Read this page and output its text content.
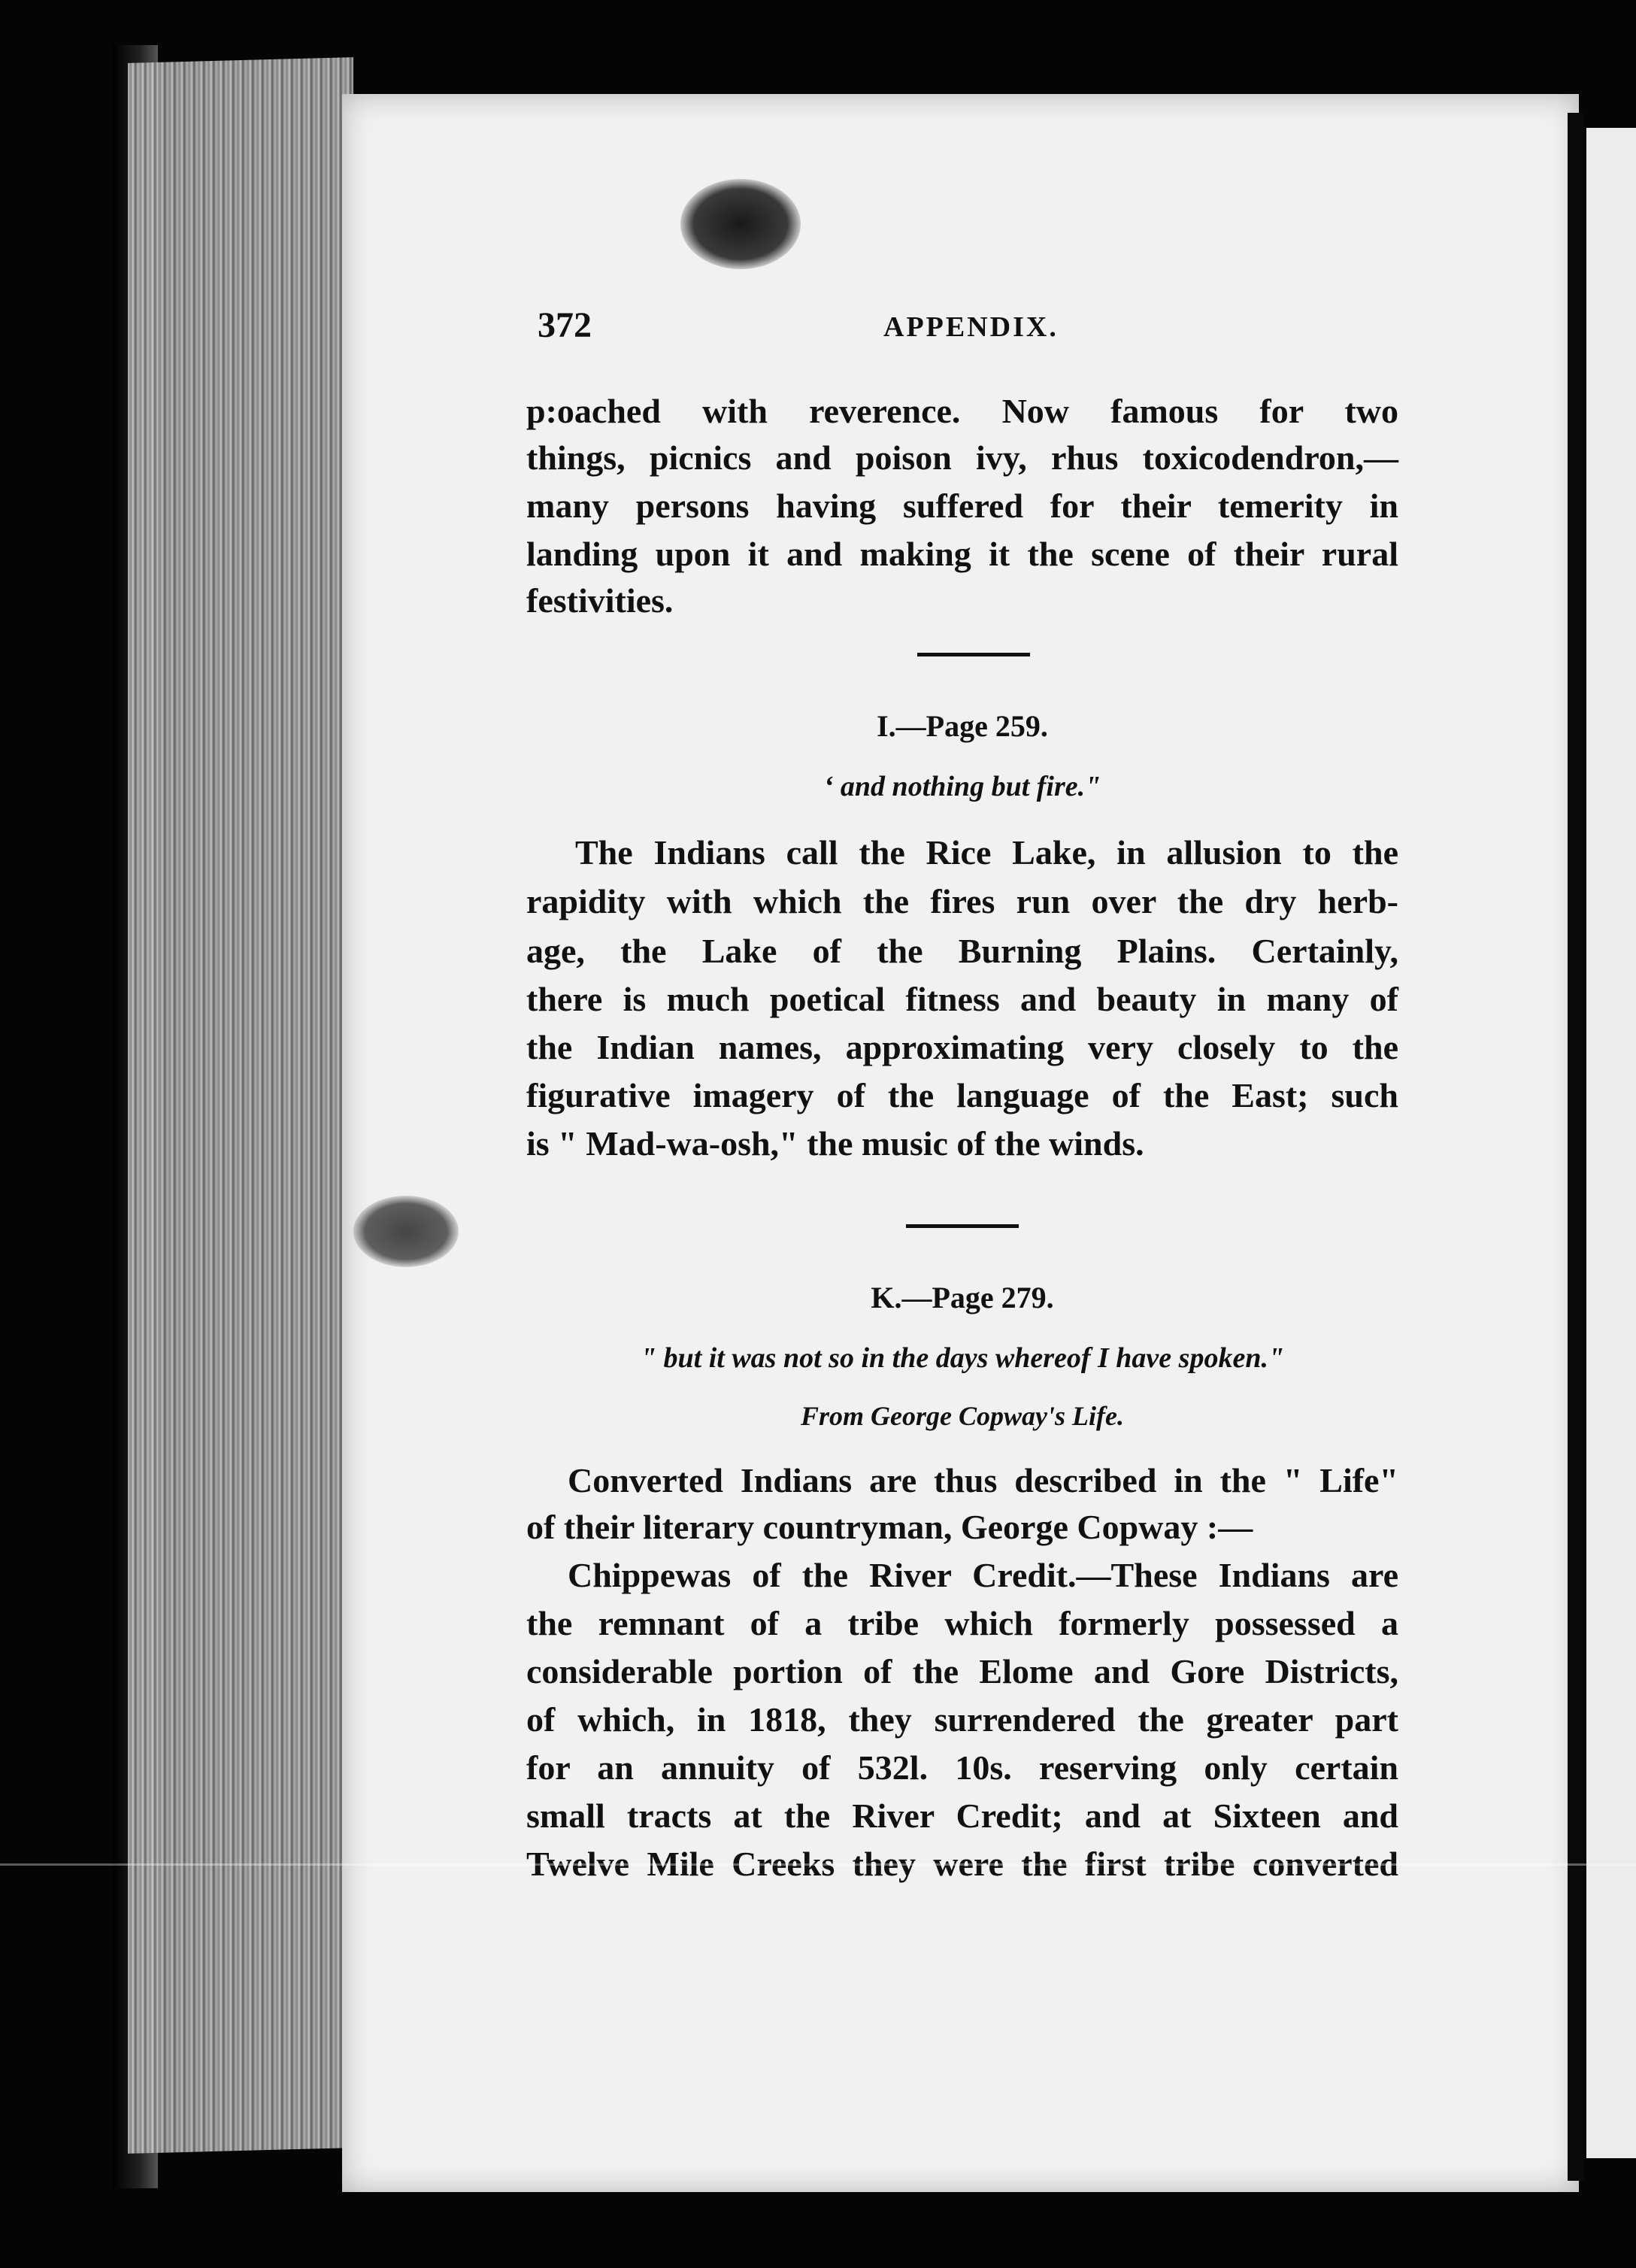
372	APPENDIX.
p:oached with reverence. Now famous for two
things, picnics and poison ivy, rhus toxicodendron,—
many persons having suffered for their temerity in
landing upon it and making it the scene of their rural
festivities.
I.—Page 259.
‘ and nothing but fire."
The Indians call the Rice Lake, in allusion to the
rapidity with which the fires run over the dry herb-
age, the Lake of the Burning Plains. Certainly,
there is much poetical fitness and beauty in many of
the Indian names, approximating very closely to the
figurative imagery of the language of the East; such
is " Mad-wa-osh," the music of the winds.
K.—Page 279.
" but it was not so in the days whereof I have spoken."
From George Copway's Life.
Converted Indians are thus described in the " Life"
of their literary countryman, George Copway :—
Chippewas of the River Credit.—These Indians are
the remnant of a tribe which formerly possessed a
considerable portion of the Elome and Gore Districts,
of which, in 1818, they surrendered the greater part
for an annuity of 532l. 10s. reserving only certain
small tracts at the River Credit; and at Sixteen and
Twelve Mile Creeks they were the first tribe converted
